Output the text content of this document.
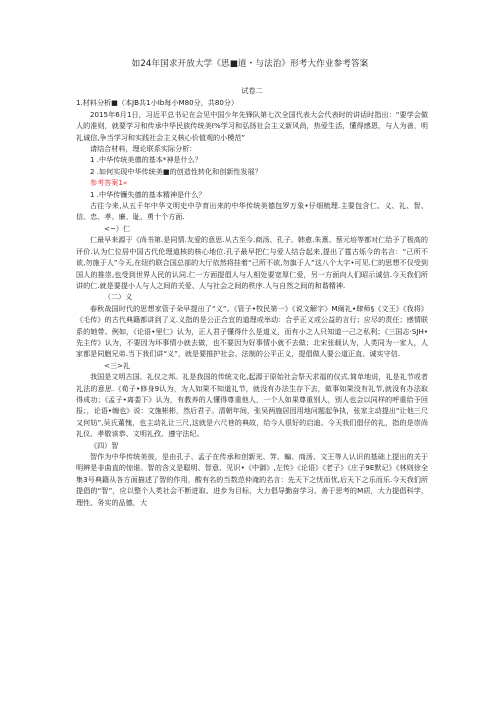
如24年国求开放大学《思■道・与法治》形考大作业参考答案

试卷二

1.材料分析■（本JB共1小Ib每小M80分，共80分）

2015年6月1日，习近平总书记在会见中国少年先锋队第七次全国代表大会代表时的讲话时指出：“要学会做人的准则，就要学习和传承中华民族传统美Ⅰ%学习和弘扬社会主义新风尚，热爱生活，懂得感恩，与人为善，明礼诚信,争当学习和实践社会主义核心价值观的小模范”

请结合材料，理论联系实际分析：

1 .中华传统美德的基本*神是什么？

2 .如何实现中华传统美■的创造性转化和创新性发展？

参考答案1»

1 .中华传镰失德的基本精神是什么？

古往今来,从五千年中华文明史中孕育出来的中华传统美德包罗万象•仔细梳理.主要包含仁、义、礼、智、信、忠、孝、廉、耻、勇十个方面.

<~）仁

仁最早来源于《尚书第.是同情.友爱的意思.从古至今.商汤、孔子、韩愈.朱熹、蔡元培等都对仁给予了极高的评价.认为仁位居中国古代伦理道核的核心地位.孔子最早把仁与爱人结合起来,提出了霆古烁今的名言：“己所不欲,勿施于人”今天,在纽约联合国总部的大厅依然将挂着“己所不欲,勿旗于人”这八个大字•可见.仁的思想不仅受到国人的推崇,也受到世界人民的认同.仁一方面提倡人与人相处要宽厚仁爱，另一方面向人们昭示诚信.今天我们所讲的仁.就是要提小人与人之间的关爱、人与社会之间的秩序.人与自然之间的和谐精神.

（二）义

春秋战国时代的思想家管子朵早提出了“义”。《管子•牧民第一》《说文解字》M阐礼•肆师§《文王》《我将》《毛传》的古代典籍都讲到了义.义指的是公正合宜的道理或举动：合乎正义或公益的言行；应尽的责任；感情联系的她带。例如，《论语•里仁》认为，正人君子懂得什么是道义，而有小之人只知道一己之私利；《三国志·SJH•先主传》认为，不要因为坏事情小就去做，也不要因为好事情小就不去做；北宋张载认为，人类同为一家人，人家都是同胞兄弟.当下我们讲“义”，就是要推护社会、法制的公平正义，提倡做人要公道正直、诚实守信.

<三>礼

我国是文明古国、礼仪之邦。礼是我国的传统文化,起源于原始社会祭天求福的仪式.简单地说，礼是礼节或者礼法的意思.《荀子•修身9认为，为人如果不知道礼节，就没有办法生存下去，做事如果没有礼节,就没有办法取得成功；《孟子•离娄下》认为，有教养的人懂得尊重他人，一个人如果尊重别人，别人也会以同样的呼重给予回报；，论语•缠也》说：文施彬彬，然后君子。清朝年间，张吴两施居因用地问题起争执，张家主动提出“让他三尺又何妨”,吴氏董愧，也主动礼让三尺,这就是六尺巷的典故，给今人很好的启迪。今天我们倡仔的礼，指的是崇尚礼仪、孝敬该恭、文明礼孜、遵守法纪。

《四）智

智作为中华传统美彼，是由孔子、孟子在传承和创新光、笄、蝙、商汤、文王等人认识的基础上提出的关于明辨是非曲直的惊谁。智的含义是聪明、智意、见识•《中御》,左传》《论语》《老子》《庄子9E默记》《林则徐全集3号典籍从各方面描述了智的作用，酸有名的当数范仲淹的名言：先天下之忧而忧,后天下之乐而乐.今天我们所提倡的“智”，应以整个人类社会不断进取、进步为目标，大力倡导勤奋学习、善于思考的M质，大力提倡科学、理性、务实的品德，大
